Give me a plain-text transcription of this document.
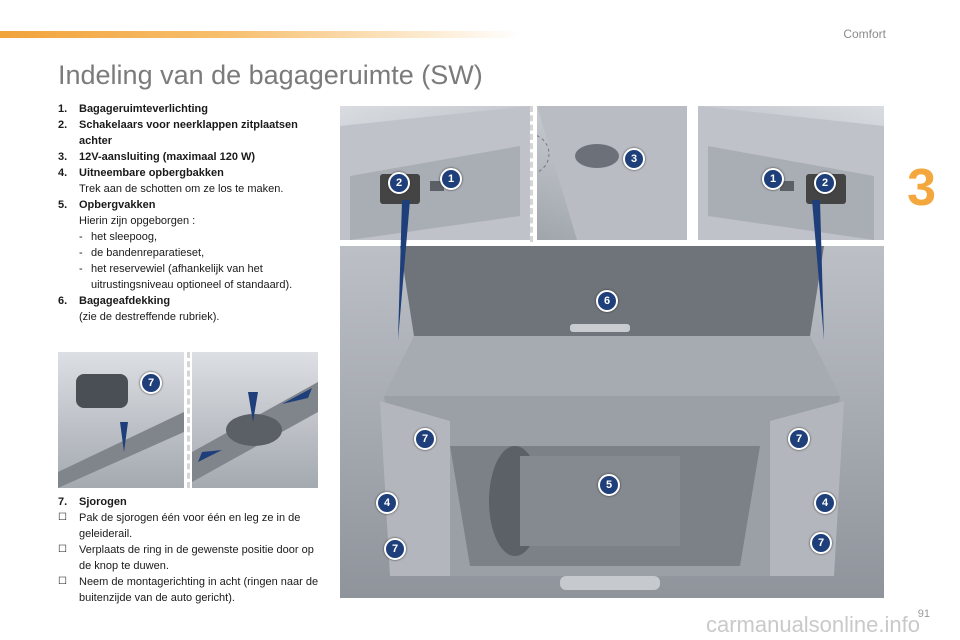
Comfort
3
Indeling van de bagageruimte (SW)
1.	Bagageruimteverlichting
2.	Schakelaars voor neerklappen zitplaatsen achter
3.	12V-aansluiting (maximaal 120 W)
4.	Uitneembare opbergbakken
Trek aan de schotten om ze los te maken.
5.	Opbergvakken
Hierin zijn opgeborgen :
- het sleepoog,
- de bandenreparatieset,
- het reservewiel (afhankelijk van het uitrustingsniveau optioneel of standaard).
6.	Bagageafdekking
(zie de destreffende rubriek).
7.	Sjorogen
☐	Pak de sjorogen één voor één en leg ze in de geleiderail.
☐	Verplaats de ring in de gewenste positie door op de knop te duwen.
☐	Neem de montagerichting in acht (ringen naar de buitenzijde van de auto gericht).
2	1
3
1	2
6
7	7
5
4	4
7	7
7
91
carmanualsonline.info
